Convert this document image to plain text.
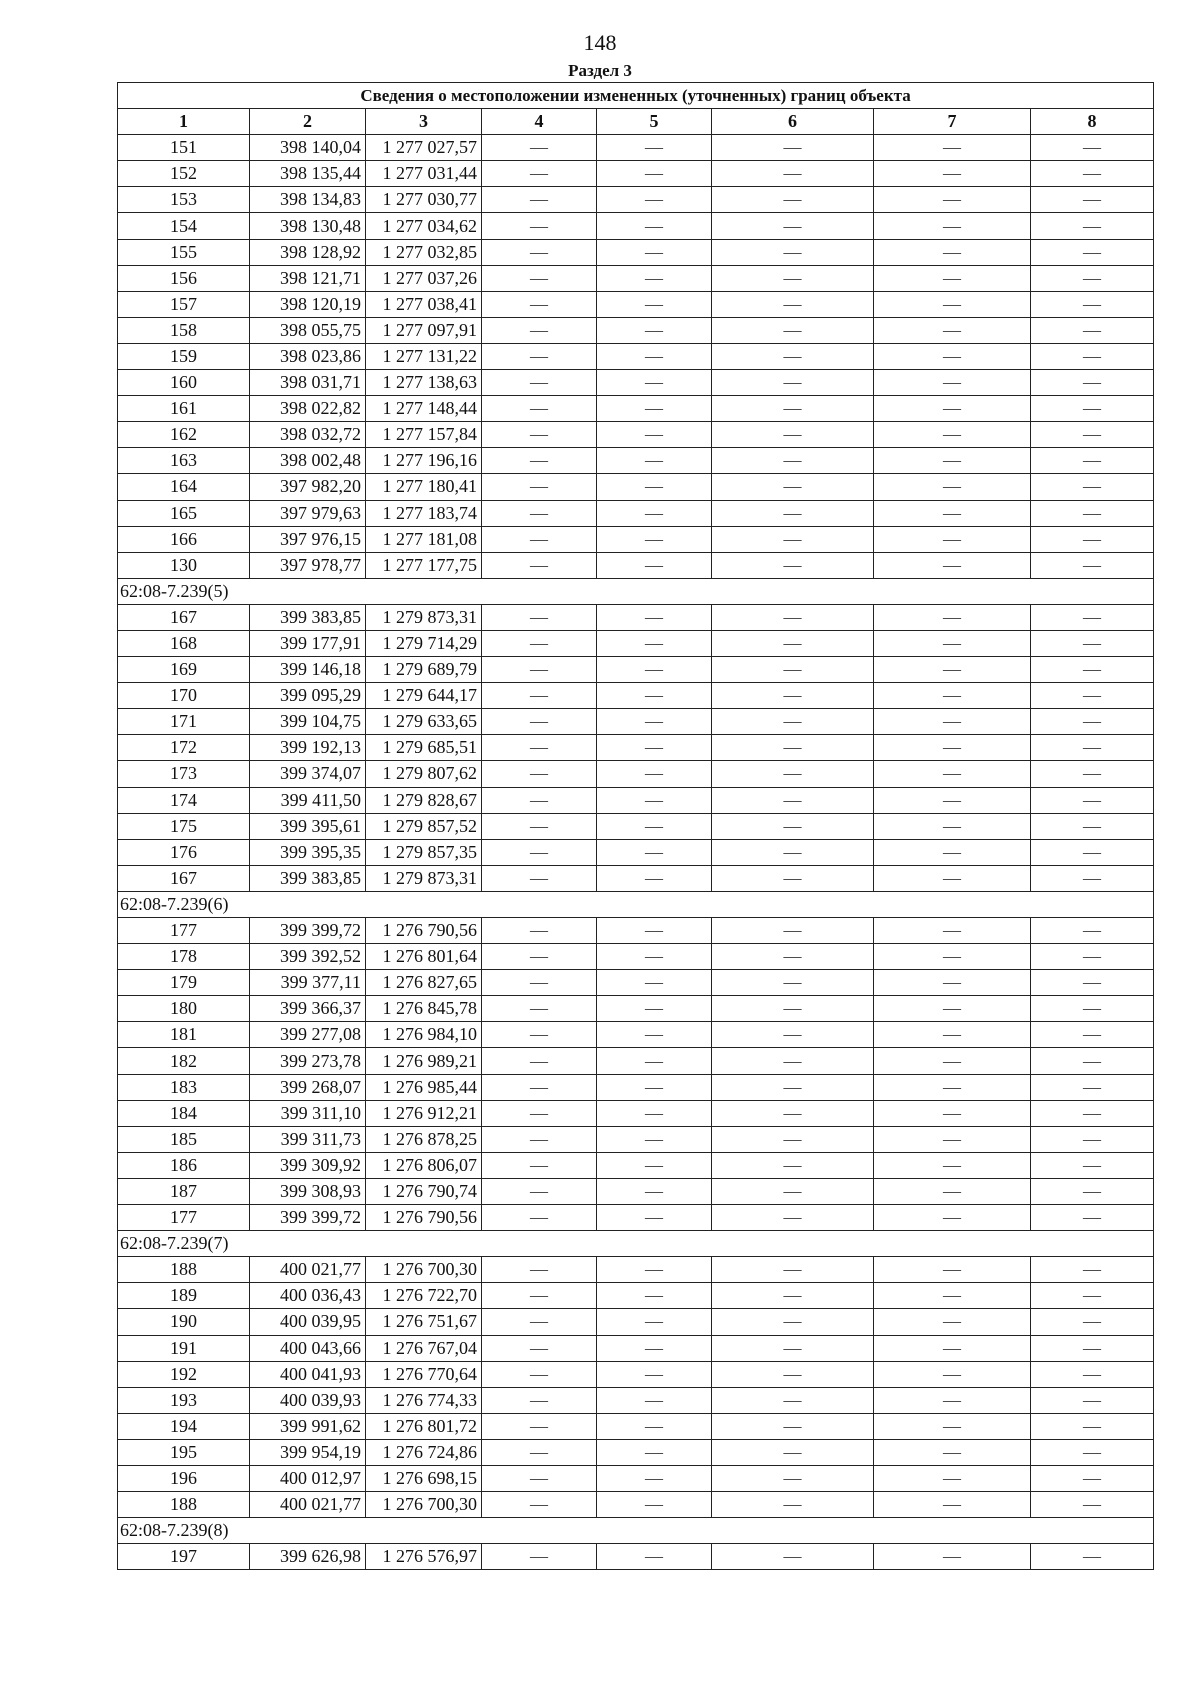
148
Раздел 3
Сведения о местоположении измененных (уточненных) границ объекта							
1	2	3	4	5	6	7	8
151	398 140,04	1 277 027,57	—	—	—	—	—
152	398 135,44	1 277 031,44	—	—	—	—	—
153	398 134,83	1 277 030,77	—	—	—	—	—
154	398 130,48	1 277 034,62	—	—	—	—	—
155	398 128,92	1 277 032,85	—	—	—	—	—
156	398 121,71	1 277 037,26	—	—	—	—	—
157	398 120,19	1 277 038,41	—	—	—	—	—
158	398 055,75	1 277 097,91	—	—	—	—	—
159	398 023,86	1 277 131,22	—	—	—	—	—
160	398 031,71	1 277 138,63	—	—	—	—	—
161	398 022,82	1 277 148,44	—	—	—	—	—
162	398 032,72	1 277 157,84	—	—	—	—	—
163	398 002,48	1 277 196,16	—	—	—	—	—
164	397 982,20	1 277 180,41	—	—	—	—	—
165	397 979,63	1 277 183,74	—	—	—	—	—
166	397 976,15	1 277 181,08	—	—	—	—	—
130	397 978,77	1 277 177,75	—	—	—	—	—
62:08-7.239(5)							
167	399 383,85	1 279 873,31	—	—	—	—	—
168	399 177,91	1 279 714,29	—	—	—	—	—
169	399 146,18	1 279 689,79	—	—	—	—	—
170	399 095,29	1 279 644,17	—	—	—	—	—
171	399 104,75	1 279 633,65	—	—	—	—	—
172	399 192,13	1 279 685,51	—	—	—	—	—
173	399 374,07	1 279 807,62	—	—	—	—	—
174	399 411,50	1 279 828,67	—	—	—	—	—
175	399 395,61	1 279 857,52	—	—	—	—	—
176	399 395,35	1 279 857,35	—	—	—	—	—
167	399 383,85	1 279 873,31	—	—	—	—	—
62:08-7.239(6)							
177	399 399,72	1 276 790,56	—	—	—	—	—
178	399 392,52	1 276 801,64	—	—	—	—	—
179	399 377,11	1 276 827,65	—	—	—	—	—
180	399 366,37	1 276 845,78	—	—	—	—	—
181	399 277,08	1 276 984,10	—	—	—	—	—
182	399 273,78	1 276 989,21	—	—	—	—	—
183	399 268,07	1 276 985,44	—	—	—	—	—
184	399 311,10	1 276 912,21	—	—	—	—	—
185	399 311,73	1 276 878,25	—	—	—	—	—
186	399 309,92	1 276 806,07	—	—	—	—	—
187	399 308,93	1 276 790,74	—	—	—	—	—
177	399 399,72	1 276 790,56	—	—	—	—	—
62:08-7.239(7)							
188	400 021,77	1 276 700,30	—	—	—	—	—
189	400 036,43	1 276 722,70	—	—	—	—	—
190	400 039,95	1 276 751,67	—	—	—	—	—
191	400 043,66	1 276 767,04	—	—	—	—	—
192	400 041,93	1 276 770,64	—	—	—	—	—
193	400 039,93	1 276 774,33	—	—	—	—	—
194	399 991,62	1 276 801,72	—	—	—	—	—
195	399 954,19	1 276 724,86	—	—	—	—	—
196	400 012,97	1 276 698,15	—	—	—	—	—
188	400 021,77	1 276 700,30	—	—	—	—	—
62:08-7.239(8)							
197	399 626,98	1 276 576,97	—	—	—	—	—
